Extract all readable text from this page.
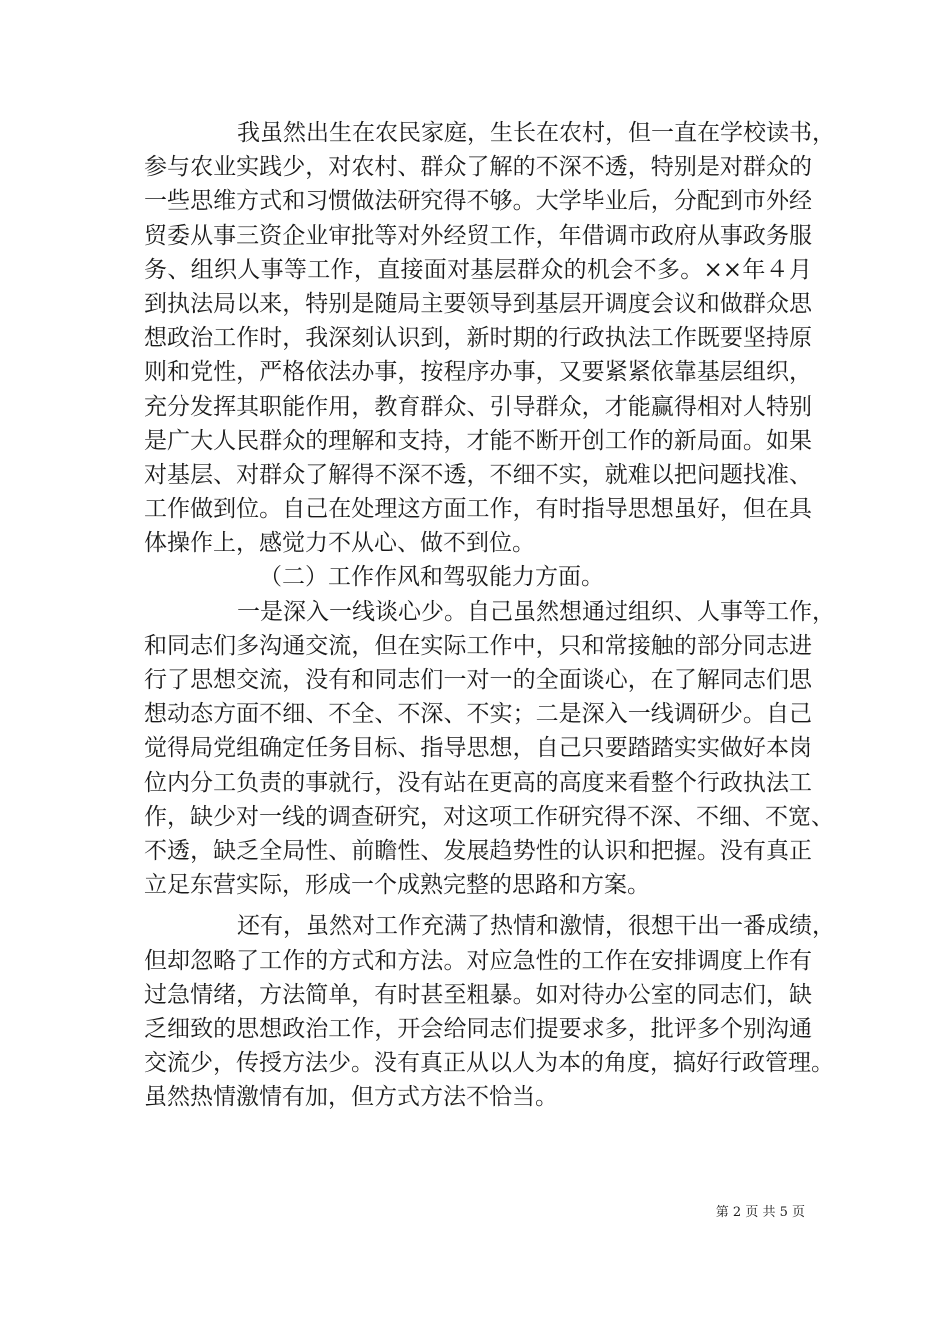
我虽然出生在农民家庭，生长在农村，但一直在学校读书，
参与农业实践少，对农村、群众了解的不深不透，特别是对群众的
一些思维方式和习惯做法研究得不够。大学毕业后，分配到市外经
贸委从事三资企业审批等对外经贸工作，年借调市政府从事政务服
务、组织人事等工作，直接面对基层群众的机会不多。××年４月
到执法局以来，特别是随局主要领导到基层开调度会议和做群众思
想政治工作时，我深刻认识到，新时期的行政执法工作既要坚持原
则和党性，严格依法办事，按程序办事，又要紧紧依靠基层组织，
充分发挥其职能作用，教育群众、引导群众，才能赢得相对人特别
是广大人民群众的理解和支持，才能不断开创工作的新局面。如果
对基层、对群众了解得不深不透，不细不实，就难以把问题找准、
工作做到位。自己在处理这方面工作，有时指导思想虽好，但在具
体操作上，感觉力不从心、做不到位。
（二）工作作风和驾驭能力方面。
一是深入一线谈心少。自己虽然想通过组织、人事等工作，
和同志们多沟通交流，但在实际工作中，只和常接触的部分同志进
行了思想交流，没有和同志们一对一的全面谈心，在了解同志们思
想动态方面不细、不全、不深、不实；二是深入一线调研少。自己
觉得局党组确定任务目标、指导思想，自己只要踏踏实实做好本岗
位内分工负责的事就行，没有站在更高的高度来看整个行政执法工
作，缺少对一线的调查研究，对这项工作研究得不深、不细、不宽、
不透，缺乏全局性、前瞻性、发展趋势性的认识和把握。没有真正
立足东营实际，形成一个成熟完整的思路和方案。
还有，虽然对工作充满了热情和激情，很想干出一番成绩，
但却忽略了工作的方式和方法。对应急性的工作在安排调度上作有
过急情绪，方法简单，有时甚至粗暴。如对待办公室的同志们，缺
乏细致的思想政治工作，开会给同志们提要求多，批评多个别沟通
交流少，传授方法少。没有真正从以人为本的角度，搞好行政管理。
虽然热情激情有加，但方式方法不恰当。
第 2 页 共 5 页
